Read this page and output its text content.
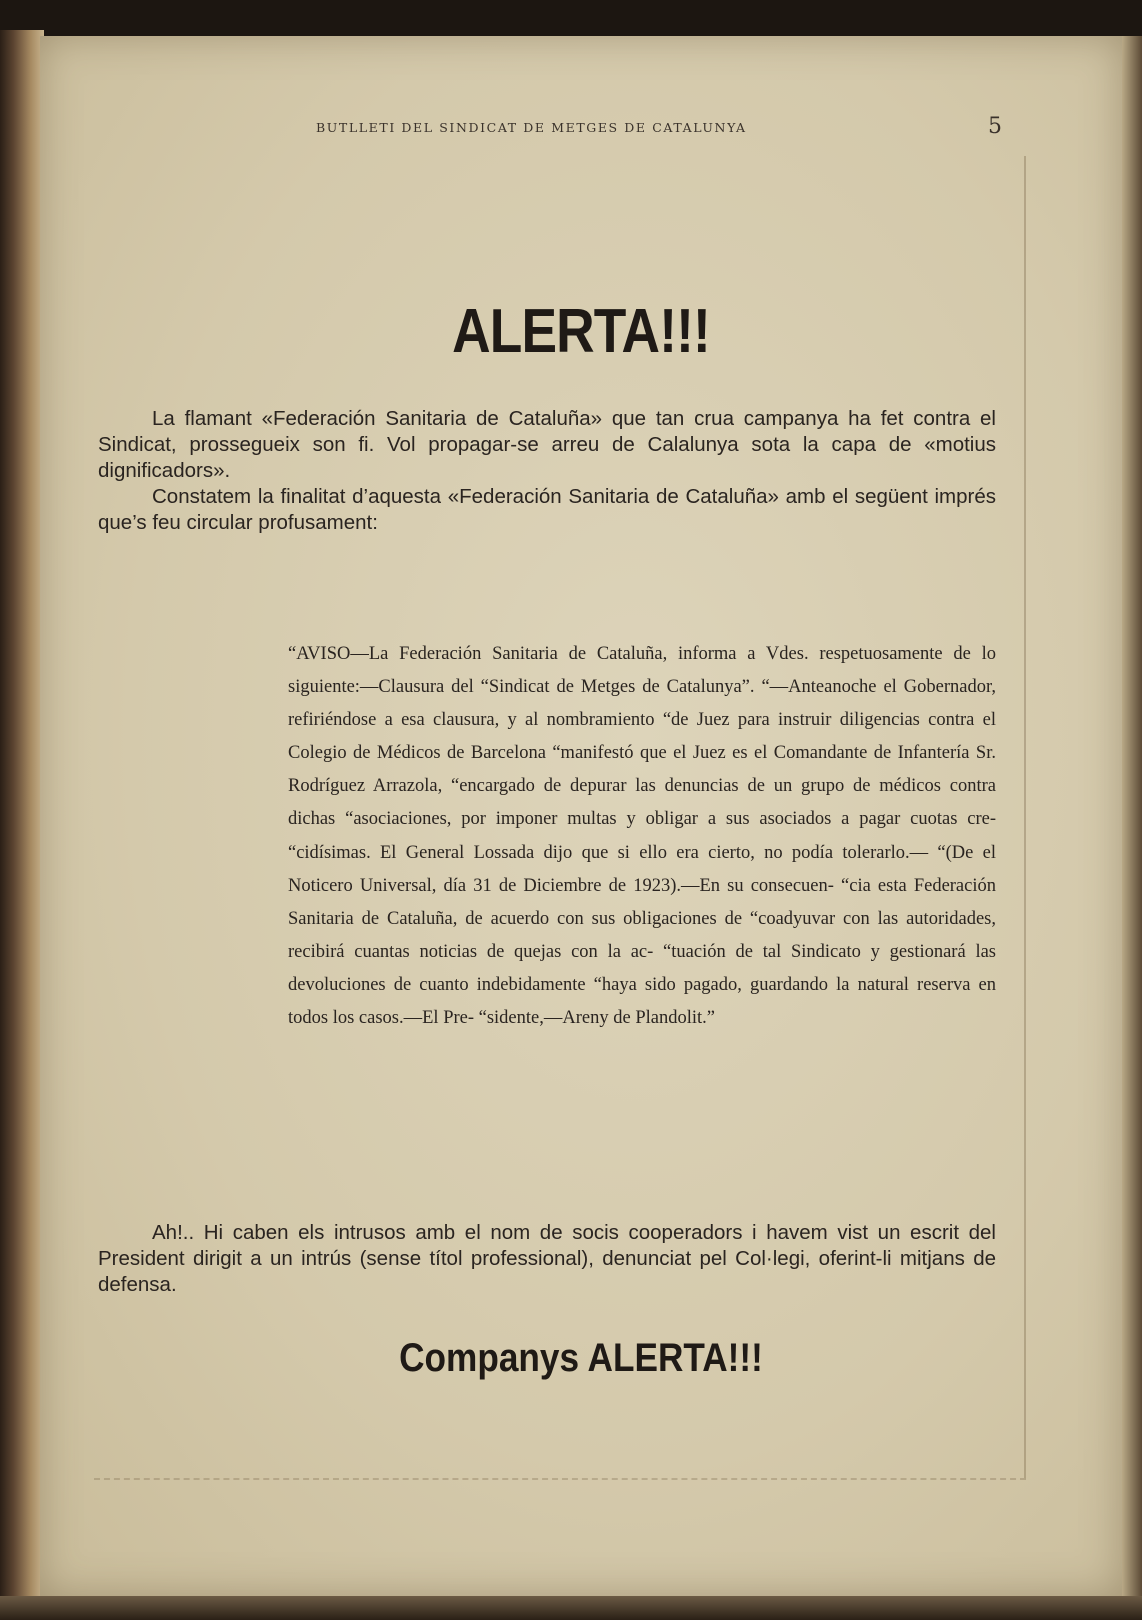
BUTLLETI DEL SINDICAT DE METGES DE CATALUNYA	5
ALERTA!!!

La flamant «Federación Sanitaria de Cataluña» que tan crua campanya ha fet contra el Sindicat, prossegueix son fi. Vol propagar-se arreu de Calalunya sota la capa de «motius dignificadors».

Constatem la finalitat d’aquesta «Federación Sanitaria de Cataluña» amb el següent imprés que’s feu circular profusament:

“AVISO—La Federación Sanitaria de Cataluña, informa a Vdes. respetuosamente de lo siguiente:—Clausura del “Sindicat de Metges de Catalunya”. “—Anteanoche el Gobernador, refiriéndose a esa clausura, y al nombramiento “de Juez para instruir diligencias contra el Colegio de Médicos de Barcelona “manifestó que el Juez es el Comandante de Infantería Sr. Rodríguez Arrazola, “encargado de depurar las denuncias de un grupo de médicos contra dichas “asociaciones, por imponer multas y obligar a sus asociados a pagar cuotas cre- “cidísimas. El General Lossada dijo que si ello era cierto, no podía tolerarlo.— “(De el Noticero Universal, día 31 de Diciembre de 1923).—En su consecuen- “cia esta Federación Sanitaria de Cataluña, de acuerdo con sus obligaciones de “coadyuvar con las autoridades, recibirá cuantas noticias de quejas con la ac- “tuación de tal Sindicato y gestionará las devoluciones de cuanto indebidamente “haya sido pagado, guardando la natural reserva en todos los casos.—El Pre- “sidente,—Areny de Plandolit.”

Ah!.. Hi caben els intrusos amb el nom de socis cooperadors i havem vist un escrit del President dirigit a un intrús (sense títol professional), denunciat pel Col·legi, oferint-li mitjans de defensa.
Companys ALERTA!!!
